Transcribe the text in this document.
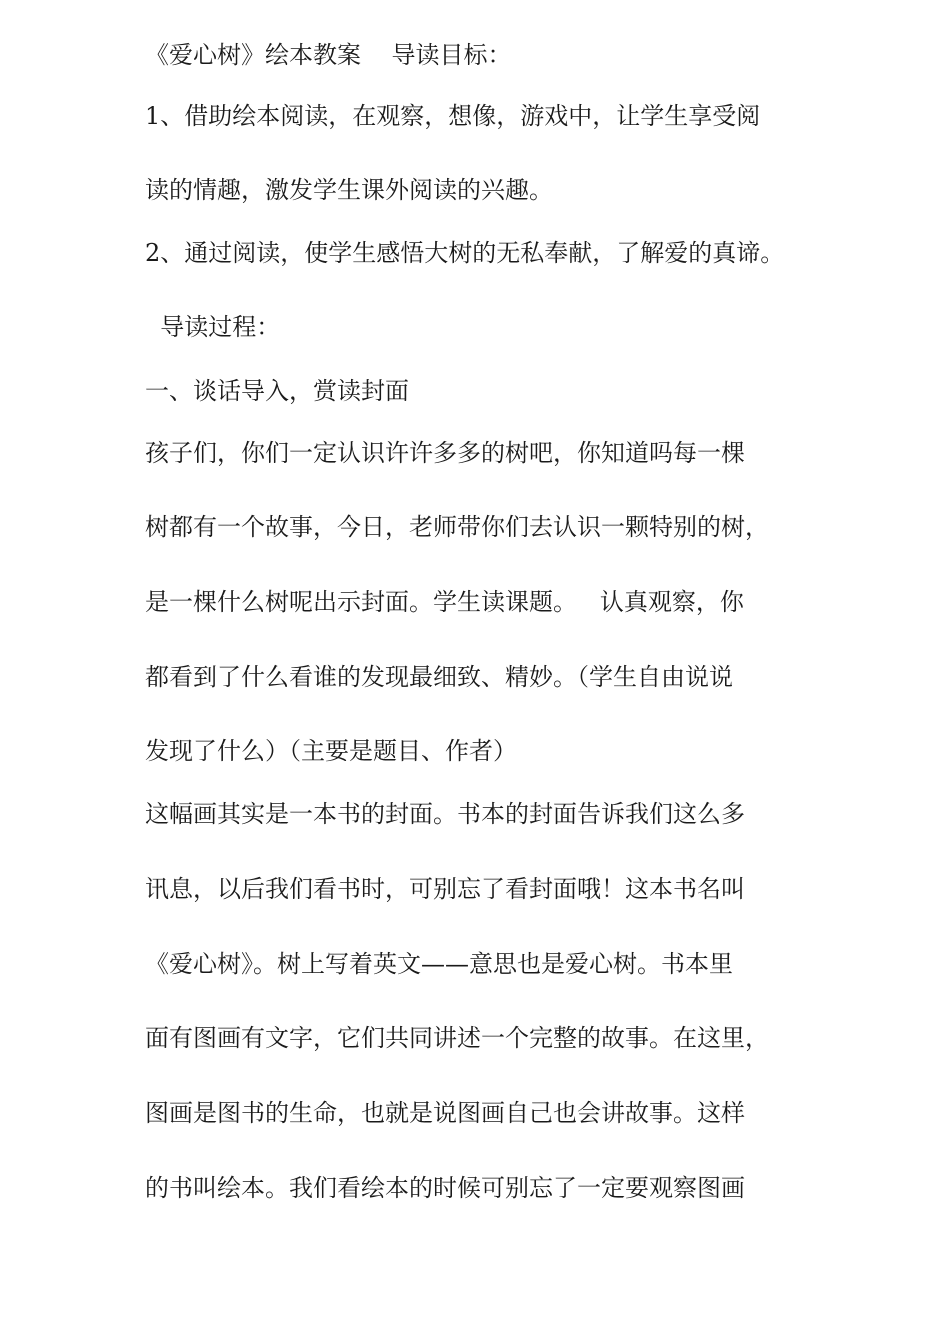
《爱心树》绘本教案    导读目标：
1、借助绘本阅读，在观察，想像，游戏中，让学生享受阅
读的情趣，激发学生课外阅读的兴趣。
2、通过阅读，使学生感悟大树的无私奉献，了解爱的真谛。
导读过程：
一、谈话导入，赏读封面
孩子们，你们一定认识许许多多的树吧，你知道吗每一棵
树都有一个故事，今日，老师带你们去认识一颗特别的树，
是一棵什么树呢出示封面。学生读课题。   认真观察，你
都看到了什么看谁的发现最细致、精妙。（学生自由说说
发现了什么）（主要是题目、作者）
这幅画其实是一本书的封面。书本的封面告诉我们这么多
讯息，以后我们看书时，可别忘了看封面哦！这本书名叫
《爱心树》。树上写着英文——意思也是爱心树。书本里
面有图画有文字，它们共同讲述一个完整的故事。在这里，
图画是图书的生命，也就是说图画自己也会讲故事。这样
的书叫绘本。我们看绘本的时候可别忘了一定要观察图画
